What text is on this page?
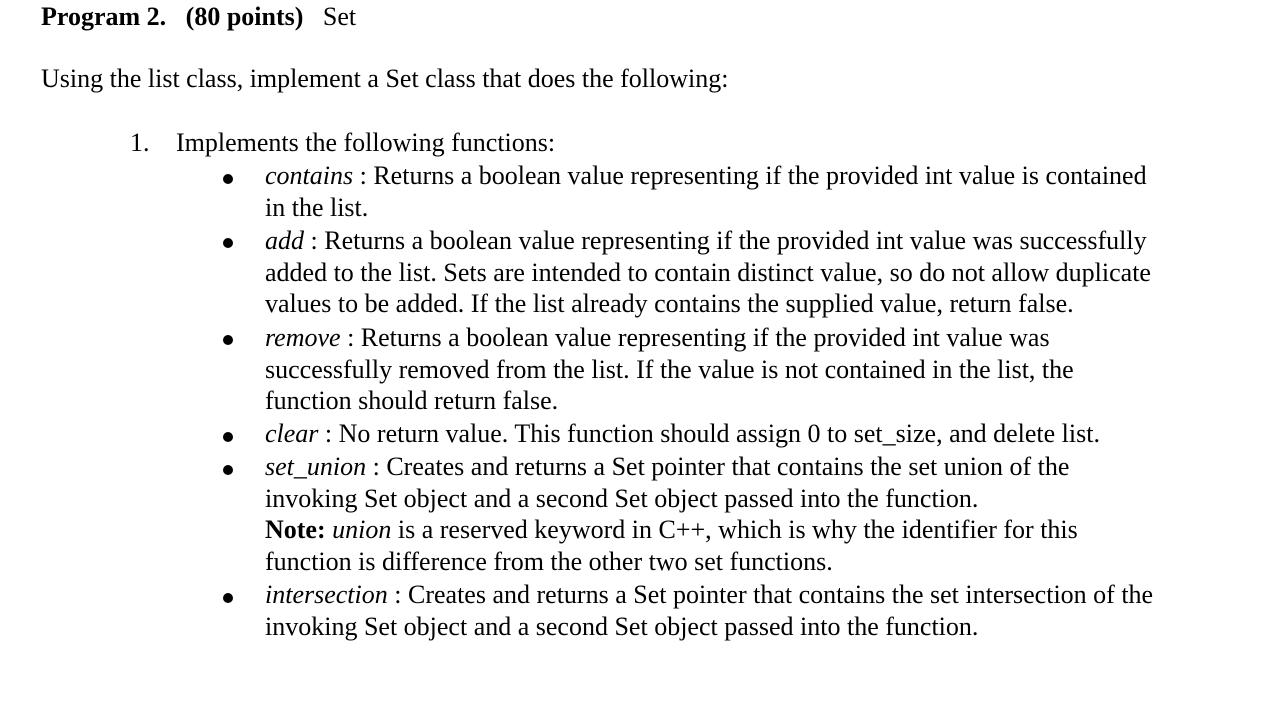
Program 2. (80 points) Set
Using the list class, implement a Set class that does the following:
1. Implements the following functions:
contains : Returns a boolean value representing if the provided int value is contained
in the list.
add : Returns a boolean value representing if the provided int value was successfully
added to the list. Sets are intended to contain distinct value, so do not allow duplicate
values to be added. If the list already contains the supplied value, return false.
remove : Returns a boolean value representing if the provided int value was
successfully removed from the list. If the value is not contained in the list, the
function should return false.
clear : No return value. This function should assign 0 to set_size, and delete list.
set_union : Creates and returns a Set pointer that contains the set union of the
invoking Set object and a second Set object passed into the function.
Note: union is a reserved keyword in C++, which is why the identifier for this
function is difference from the other two set functions.
intersection : Creates and returns a Set pointer that contains the set intersection of the
invoking Set object and a second Set object passed into the function.
